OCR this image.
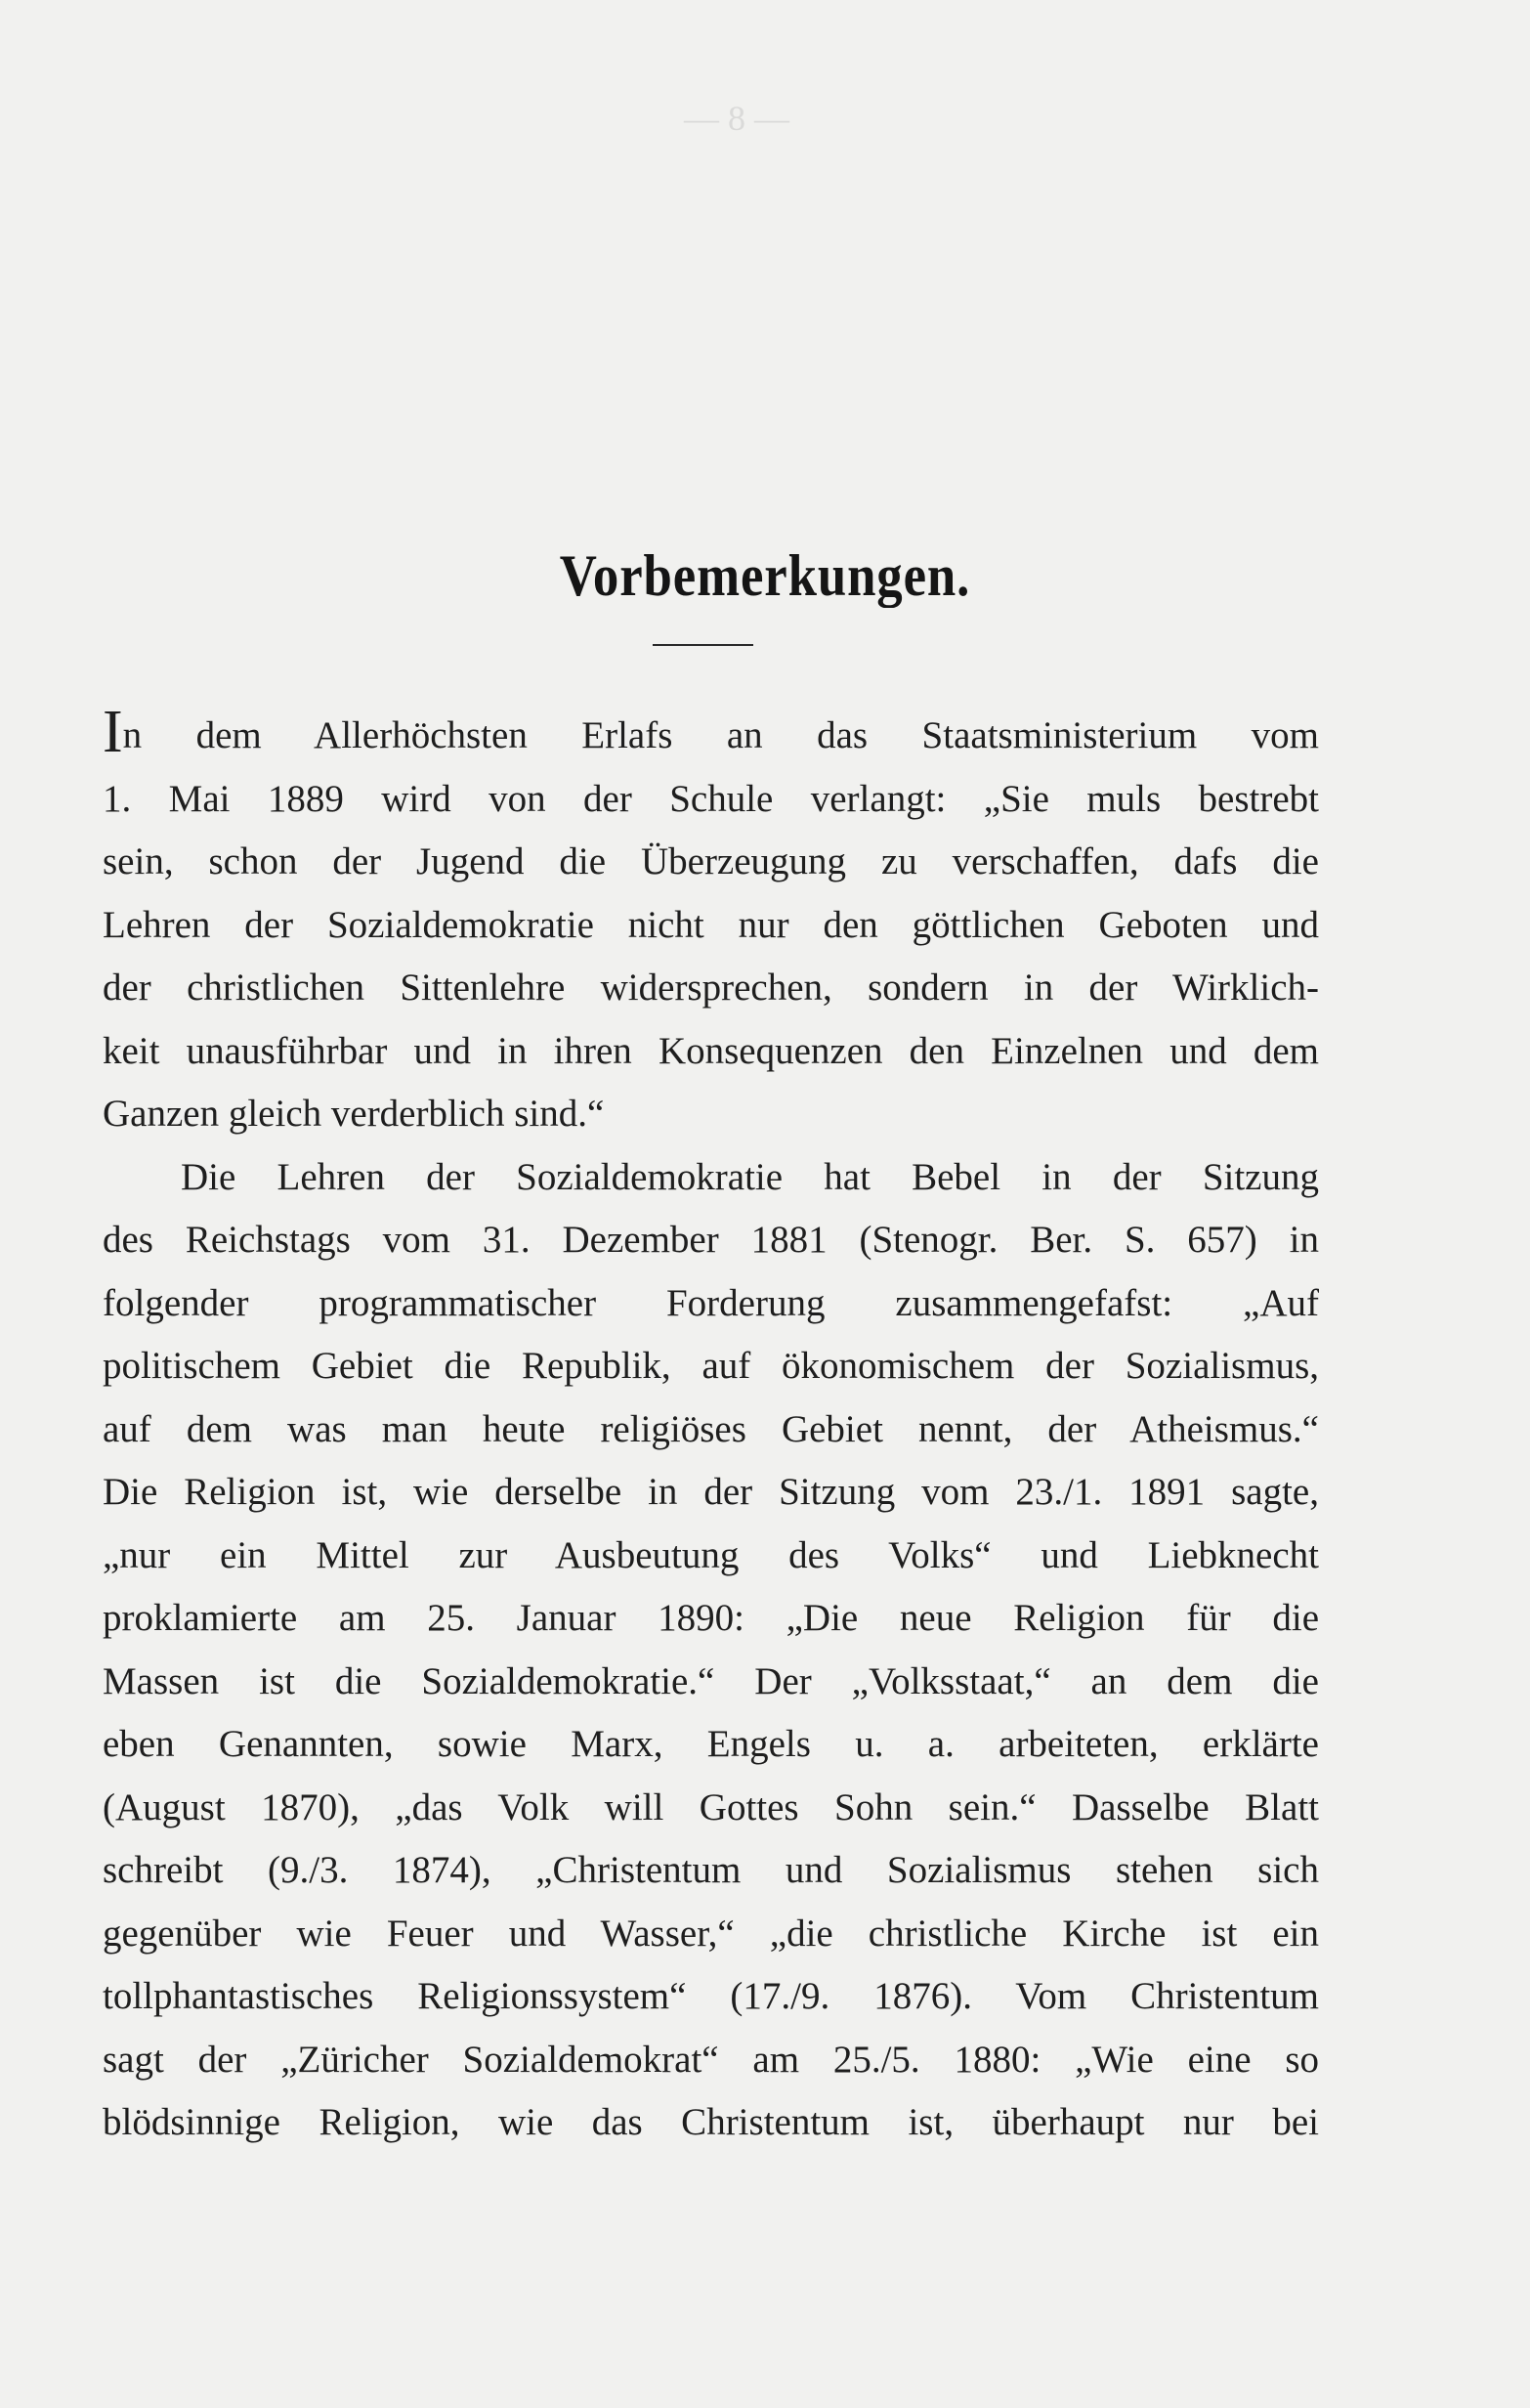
— 8 —
Vorbemerkungen.
In dem Allerhöchsten Erlafs an das Staatsministerium vom
1. Mai 1889 wird von der Schule verlangt: „Sie muls bestrebt
sein, schon der Jugend die Überzeugung zu verschaffen, dafs die
Lehren der Sozialdemokratie nicht nur den göttlichen Geboten und
der christlichen Sittenlehre widersprechen, sondern in der Wirklich-
keit unausführbar und in ihren Konsequenzen den Einzelnen und dem
Ganzen gleich verderblich sind.“
Die Lehren der Sozialdemokratie hat Bebel in der Sitzung
des Reichstags vom 31. Dezember 1881 (Stenogr. Ber. S. 657) in
folgender programmatischer Forderung zusammengefafst: „Auf
politischem Gebiet die Republik, auf ökonomischem der Sozialismus,
auf dem was man heute religiöses Gebiet nennt, der Atheismus.“
Die Religion ist, wie derselbe in der Sitzung vom 23./1. 1891 sagte,
„nur ein Mittel zur Ausbeutung des Volks“ und Liebknecht
proklamierte am 25. Januar 1890: „Die neue Religion für die
Massen ist die Sozialdemokratie.“ Der „Volksstaat,“ an dem die
eben Genannten, sowie Marx, Engels u. a. arbeiteten, erklärte
(August 1870), „das Volk will Gottes Sohn sein.“ Dasselbe Blatt
schreibt (9./3. 1874), „Christentum und Sozialismus stehen sich
gegenüber wie Feuer und Wasser,“ „die christliche Kirche ist ein
tollphantastisches Religionssystem“ (17./9. 1876). Vom Christentum
sagt der „Züricher Sozialdemokrat“ am 25./5. 1880: „Wie eine so
blödsinnige Religion, wie das Christentum ist, überhaupt nur bei
